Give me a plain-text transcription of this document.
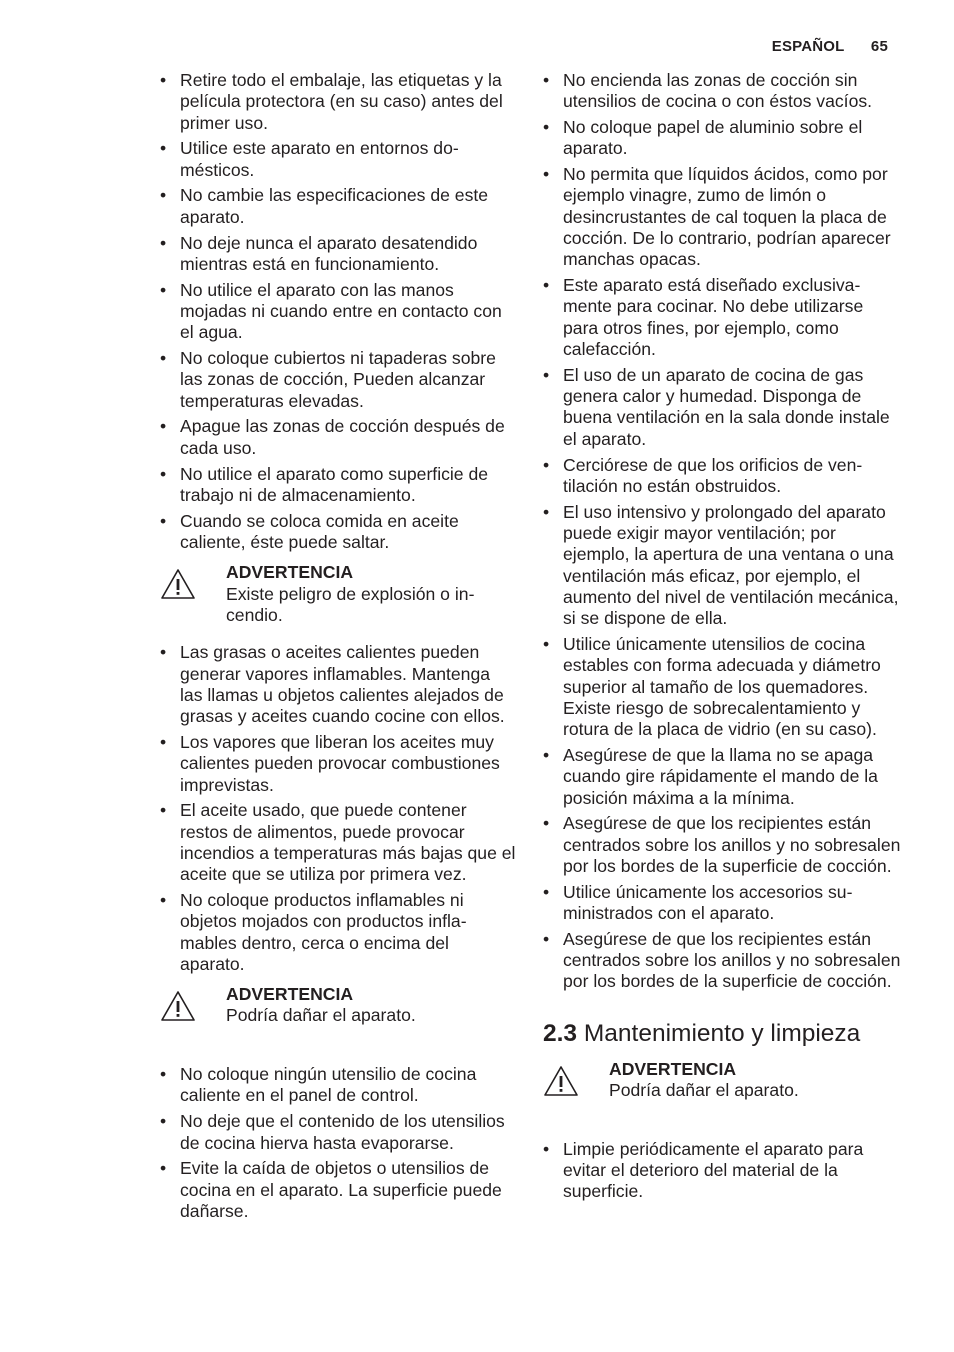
ESPAÑOL 65
• Retire todo el embalaje, las etiquetas y la película protectora (en su caso) antes del primer uso.
• Utilice este aparato en entornos domésticos.
• No cambie las especificaciones de este aparato.
• No deje nunca el aparato desatendido mientras está en funcionamiento.
• No utilice el aparato con las manos mojadas ni cuando entre en contacto con el agua.
• No coloque cubiertos ni tapaderas sobre las zonas de cocción, Pueden alcanzar temperaturas elevadas.
• Apague las zonas de cocción después de cada uso.
• No utilice el aparato como superficie de trabajo ni de almacenamiento.
• Cuando se coloca comida en aceite caliente, éste puede saltar.
ADVERTENCIA
Existe peligro de explosión o incendio.
• Las grasas o aceites calientes pueden generar vapores inflamables. Mantenga las llamas u objetos calientes alejados de grasas y aceites cuando cocine con ellos.
• Los vapores que liberan los aceites muy calientes pueden provocar combustiones imprevistas.
• El aceite usado, que puede contener restos de alimentos, puede provocar incendios a temperaturas más bajas que el aceite que se utiliza por primera vez.
• No coloque productos inflamables ni objetos mojados con productos inflamables dentro, cerca o encima del aparato.
ADVERTENCIA
Podría dañar el aparato.
• No coloque ningún utensilio de cocina caliente en el panel de control.
• No deje que el contenido de los utensilios de cocina hierva hasta evaporarse.
• Evite la caída de objetos o utensilios de cocina en el aparato. La superficie puede dañarse.
• No encienda las zonas de cocción sin utensilios de cocina o con éstos vacíos.
• No coloque papel de aluminio sobre el aparato.
• No permita que líquidos ácidos, como por ejemplo vinagre, zumo de limón o desincrustantes de cal toquen la placa de cocción. De lo contrario, podrían aparecer manchas opacas.
• Este aparato está diseñado exclusivamente para cocinar. No debe utilizarse para otros fines, por ejemplo, como calefacción.
• El uso de un aparato de cocina de gas genera calor y humedad. Disponga de buena ventilación en la sala donde instale el aparato.
• Cerciórese de que los orificios de ventilación no están obstruidos.
• El uso intensivo y prolongado del aparato puede exigir mayor ventilación; por ejemplo, la apertura de una ventana o una ventilación más eficaz, por ejemplo, el aumento del nivel de ventilación mecánica, si se dispone de ella.
• Utilice únicamente utensilios de cocina estables con forma adecuada y diámetro superior al tamaño de los quemadores. Existe riesgo de sobrecalentamiento y rotura de la placa de vidrio (en su caso).
• Asegúrese de que la llama no se apaga cuando gire rápidamente el mando de la posición máxima a la mínima.
• Asegúrese de que los recipientes están centrados sobre los anillos y no sobresalen por los bordes de la superficie de cocción.
• Utilice únicamente los accesorios suministrados con el aparato.
• Asegúrese de que los recipientes están centrados sobre los anillos y no sobresalen por los bordes de la superficie de cocción.
2.3 Mantenimiento y limpieza
ADVERTENCIA
Podría dañar el aparato.
• Limpie periódicamente el aparato para evitar el deterioro del material de la superficie.
